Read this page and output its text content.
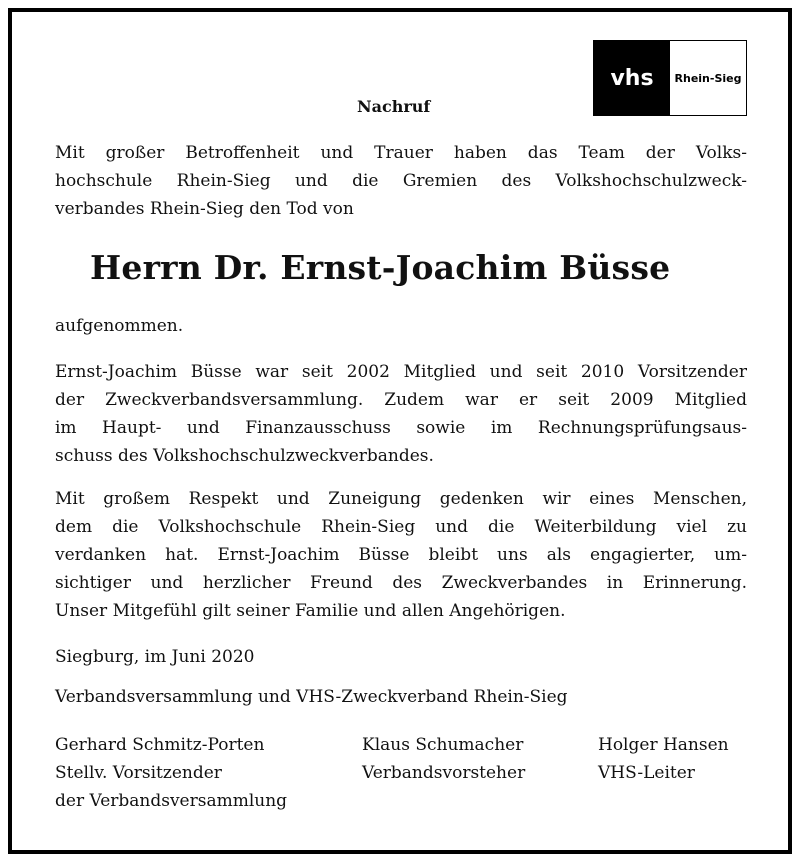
vhs	Rhein-Sieg
Nachruf
Mit großer Betroffenheit und Trauer haben das Team der Volks-
hochschule Rhein-Sieg und die Gremien des Volkshochschulzweck-
verbandes Rhein-Sieg den Tod von
Herrn Dr. Ernst-Joachim Büsse
aufgenommen.
Ernst-Joachim Büsse war seit 2002 Mitglied und seit 2010 Vorsitzender
der Zweckverbandsversammlung. Zudem war er seit 2009 Mitglied
im Haupt- und Finanzausschuss sowie im Rechnungsprüfungsaus-
schuss des Volkshochschulzweckverbandes.
Mit großem Respekt und Zuneigung gedenken wir eines Menschen,
dem die Volkshochschule Rhein-Sieg und die Weiterbildung viel zu
verdanken hat. Ernst-Joachim Büsse bleibt uns als engagierter, um-
sichtiger und herzlicher Freund des Zweckverbandes in Erinnerung.
Unser Mitgefühl gilt seiner Familie und allen Angehörigen.
Siegburg, im Juni 2020
Verbandsversammlung und VHS-Zweckverband Rhein-Sieg
Gerhard Schmitz-Porten
Stellv. Vorsitzender
der Verbandsversammlung
Klaus Schumacher
Verbandsvorsteher
Holger Hansen
VHS-Leiter
